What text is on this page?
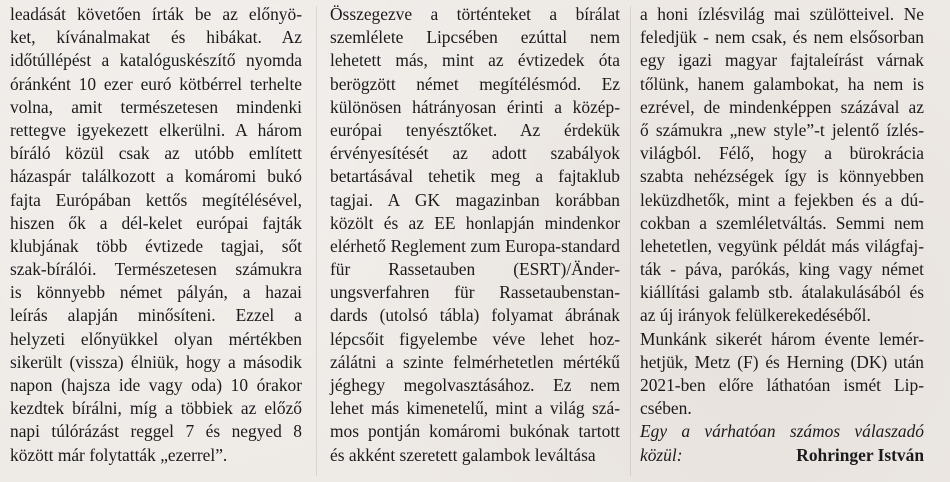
leadását követően írták be az előnyö-
ket, kívánalmakat és hibákat. Az
időtúllépést a katalóguskészítő nyomda
óránként 10 ezer euró kötbérrel terhelte
volna, amit természetesen mindenki
rettegve igyekezett elkerülni. A három
bíráló közül csak az utóbb említett
házaspár találkozott a komáromi bukó
fajta Európában kettős megítélésével,
hiszen ők a dél-kelet európai fajták
klubjának több évtizede tagjai, sőt
szak-bírálói. Természetesen számukra
is könnyebb német pályán, a hazai
leírás alapján minősíteni. Ezzel a
helyzeti előnyükkel olyan mértékben
sikerült (vissza) élniük, hogy a második
napon (hajsza ide vagy oda) 10 órakor
kezdtek bírálni, míg a többiek az előző
napi túlórázást reggel 7 és negyed 8
között már folytatták „ezerrel”.
Összegezve a történteket a bírálat
szemlélete Lipcsében ezúttal nem
lehetett más, mint az évtizedek óta
berögzött német megítélésmód. Ez
különösen hátrányosan érinti a közép-
európai tenyésztőket. Az érdekük
érvényesítését az adott szabályok
betartásával tehetik meg a fajtaklub
tagjai. A GK magazinban korábban
közölt és az EE honlapján mindenkor
elérhető Reglement zum Europa-standard
für Rassetauben (ESRT)/Änder-
ungsverfahren für Rassetaubenstan-
dards (utolsó tábla) folyamat ábrának
lépcsőit figyelembe véve lehet hoz-
zálátni a szinte felmérhetetlen mértékű
jéghegy megolvasztásához. Ez nem
lehet más kimenetelű, mint a világ szá-
mos pontján komáromi bukónak tartott
és akként szeretett galambok leváltása
a honi ízlésvilág mai szülötteivel. Ne
feledjük - nem csak, és nem elsősorban
egy igazi magyar fajtaleírást várnak
tőlünk, hanem galambokat, ha nem is
ezrével, de mindenképpen százával az
ő számukra „new style”-t jelentő ízlés-
világból. Félő, hogy a bürokrácia
szabta nehézségek így is könnyebben
leküzdhetők, mint a fejekben és a dú-
cokban a szemléletváltás. Semmi nem
lehetetlen, vegyünk példát más világfaj-
ták - páva, parókás, king vagy német
kiállítási galamb stb. átalakulásából és
az új irányok felülkerekedéséből.
Munkánk sikerét három évente lemér-
hetjük, Metz (F) és Herning (DK) után
2021-ben előre láthatóan ismét Lip-
csében.
Egy a várhatóan számos válaszadó
közül:	Rohringer István
